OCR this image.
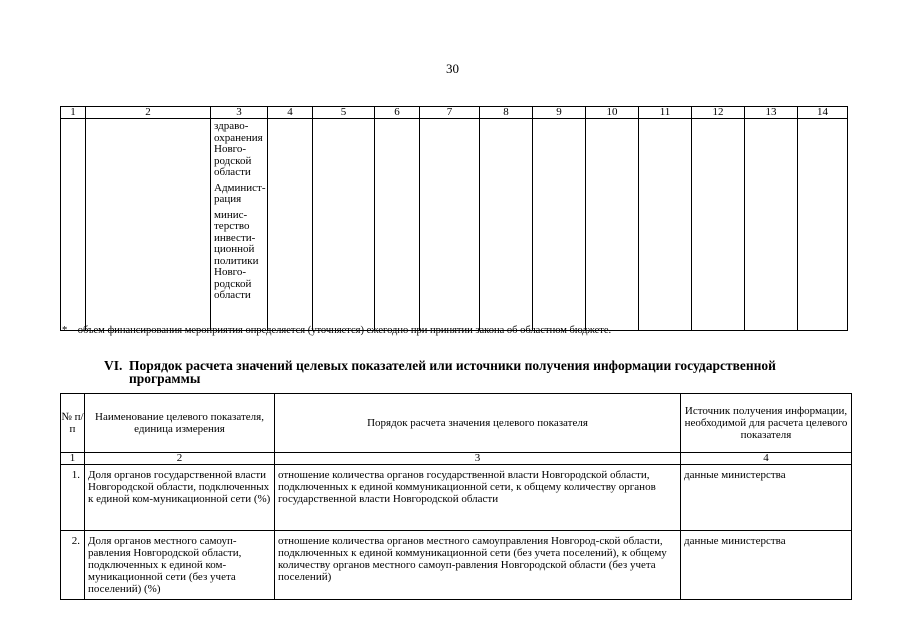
30
1	2	3	4	5	6	7	8	9	10	11	12	13	14

		здраво-охранения Новго-родской области

Админист-рация

минис-терство инвести-ционной политики Новго-родской области											

* – объем финансирования мероприятия определяется (уточняется) ежегодно при принятии закона об областном бюджете.
VI. Порядок расчета значений целевых показателей или источники получения информации государственной
программы
№ п/п	Наименование целевого показателя, единица измерения	Порядок расчета значения целевого показателя	Источник получения информации, необходимой для расчета целевого показателя
1	2	3	4
1.	Доля органов государственной власти Новгородской области, подключенных к единой ком-муникационной сети (%)	отношение количества органов государственной власти Новгородской области, подключенных к единой коммуникационной сети, к общему количеству органов государственной власти Новгородской области	данные министерства
2.	Доля органов местного самоуп-равления Новгородской области, подключенных к единой ком-муникационной сети (без учета поселений) (%)	отношение количества органов местного самоуправления Новгород-ской области, подключенных к единой коммуникационной сети (без учета поселений), к общему количеству органов местного самоуп-равления Новгородской области (без учета поселений)	данные министерства
